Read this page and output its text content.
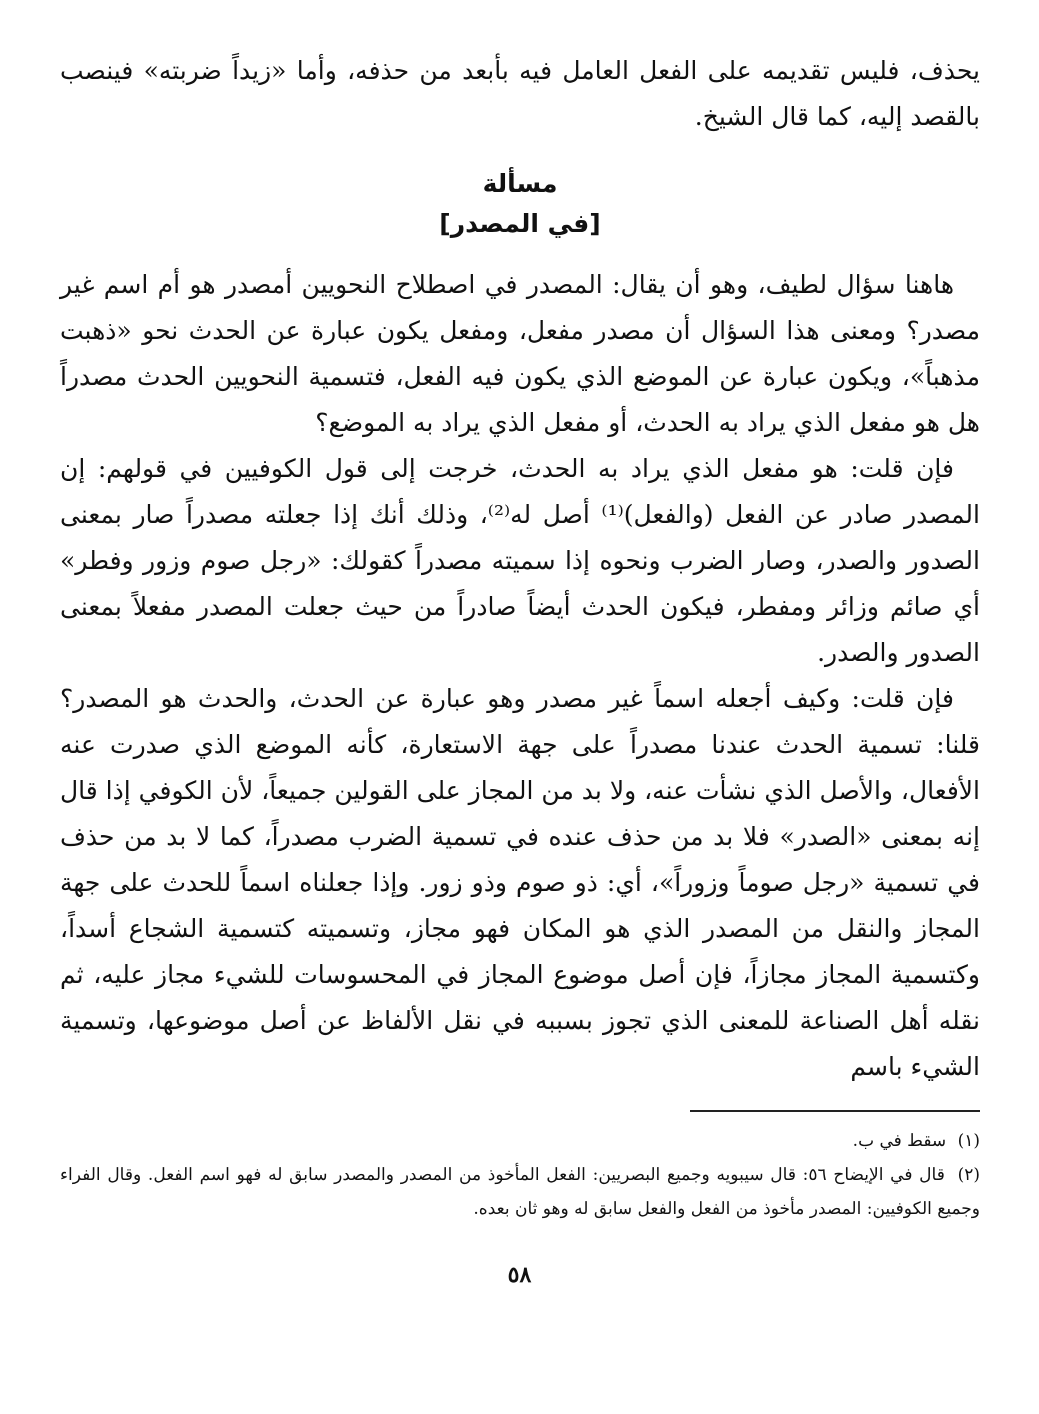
يحذف، فليس تقديمه على الفعل العامل فيه بأبعد من حذفه، وأما «زيداً ضربته» فينصب بالقصد إليه، كما قال الشيخ.

مسألة
[في المصدر]

هاهنا سؤال لطيف، وهو أن يقال: المصدر في اصطلاح النحويين أمصدر هو أم اسم غير مصدر؟ ومعنى هذا السؤال أن مصدر مفعل، ومفعل يكون عبارة عن الحدث نحو «ذهبت مذهباً»، ويكون عبارة عن الموضع الذي يكون فيه الفعل، فتسمية النحويين الحدث مصدراً هل هو مفعل الذي يراد به الحدث، أو مفعل الذي يراد به الموضع؟

فإن قلت: هو مفعل الذي يراد به الحدث، خرجت إلى قول الكوفيين في قولهم: إن المصدر صادر عن الفعل (والفعل)⁽¹⁾ أصل له⁽²⁾، وذلك أنك إذا جعلته مصدراً صار بمعنى الصدور والصدر، وصار الضرب ونحوه إذا سميته مصدراً كقولك: «رجل صوم وزور وفطر» أي صائم وزائر ومفطر، فيكون الحدث أيضاً صادراً من حيث جعلت المصدر مفعلاً بمعنى الصدور والصدر.

فإن قلت: وكيف أجعله اسماً غير مصدر وهو عبارة عن الحدث، والحدث هو المصدر؟ قلنا: تسمية الحدث عندنا مصدراً على جهة الاستعارة، كأنه الموضع الذي صدرت عنه الأفعال، والأصل الذي نشأت عنه، ولا بد من المجاز على القولين جميعاً، لأن الكوفي إذا قال إنه بمعنى «الصدر» فلا بد من حذف عنده في تسمية الضرب مصدراً، كما لا بد من حذف في تسمية «رجل صوماً وزوراً»، أي: ذو صوم وذو زور. وإذا جعلناه اسماً للحدث على جهة المجاز والنقل من المصدر الذي هو المكان فهو مجاز، وتسميته كتسمية الشجاع أسداً، وكتسمية المجاز مجازاً، فإن أصل موضوع المجاز في المحسوسات للشيء مجاز عليه، ثم نقله أهل الصناعة للمعنى الذي تجوز بسببه في نقل الألفاظ عن أصل موضوعها، وتسمية الشيء باسم

(١) سقط في ب.

(٢) قال في الإيضاح ٥٦: قال سيبويه وجميع البصريين: الفعل المأخوذ من المصدر والمصدر سابق له فهو اسم الفعل. وقال الفراء وجميع الكوفيين: المصدر مأخوذ من الفعل والفعل سابق له وهو ثان بعده.

٥٨
